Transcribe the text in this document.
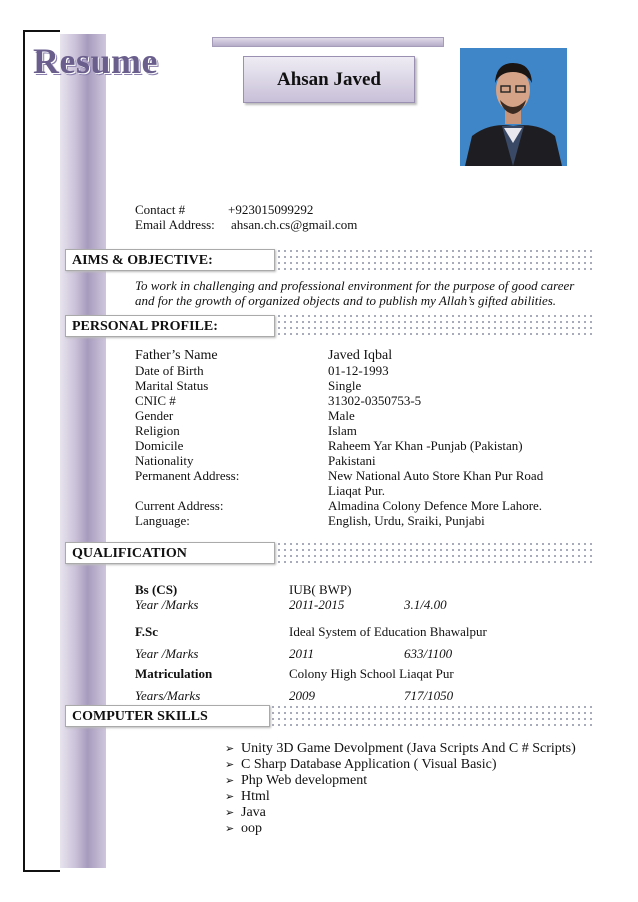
Resume	Ahsan Javed
Contact #	+923015099292
Email Address: ahsan.ch.cs@gmail.com
AIMS & OBJECTIVE:
To work in challenging and professional environment for the purpose of good career
and for the growth of organized objects and to publish my Allah’s gifted abilities.
PERSONAL PROFILE:
Father’s Name	Javed Iqbal
Date of Birth	01-12-1993
Marital Status	Single
CNIC #	31302-0350753-5
Gender	Male
Religion	Islam
Domicile	Raheem Yar Khan -Punjab (Pakistan)
Nationality	Pakistani
Permanent Address:	New National Auto Store Khan Pur Road
Liaqat Pur.
Current Address:	Almadina Colony Defence More Lahore.
Language:	English, Urdu, Sraiki, Punjabi
QUALIFICATION
Bs (CS)	IUB( BWP)
Year /Marks	2011-2015	3.1/4.00
F.Sc	Ideal System of Education Bhawalpur
Year /Marks	2011	633/1100
Matriculation	Colony High School Liaqat Pur
Years/Marks	2009	717/1050
COMPUTER SKILLS
➢ Unity 3D Game Devolpment (Java Scripts And C # Scripts)
➢ C Sharp Database Application ( Visual Basic)
➢ Php Web development
➢ Html
➢ Java
➢ oop
